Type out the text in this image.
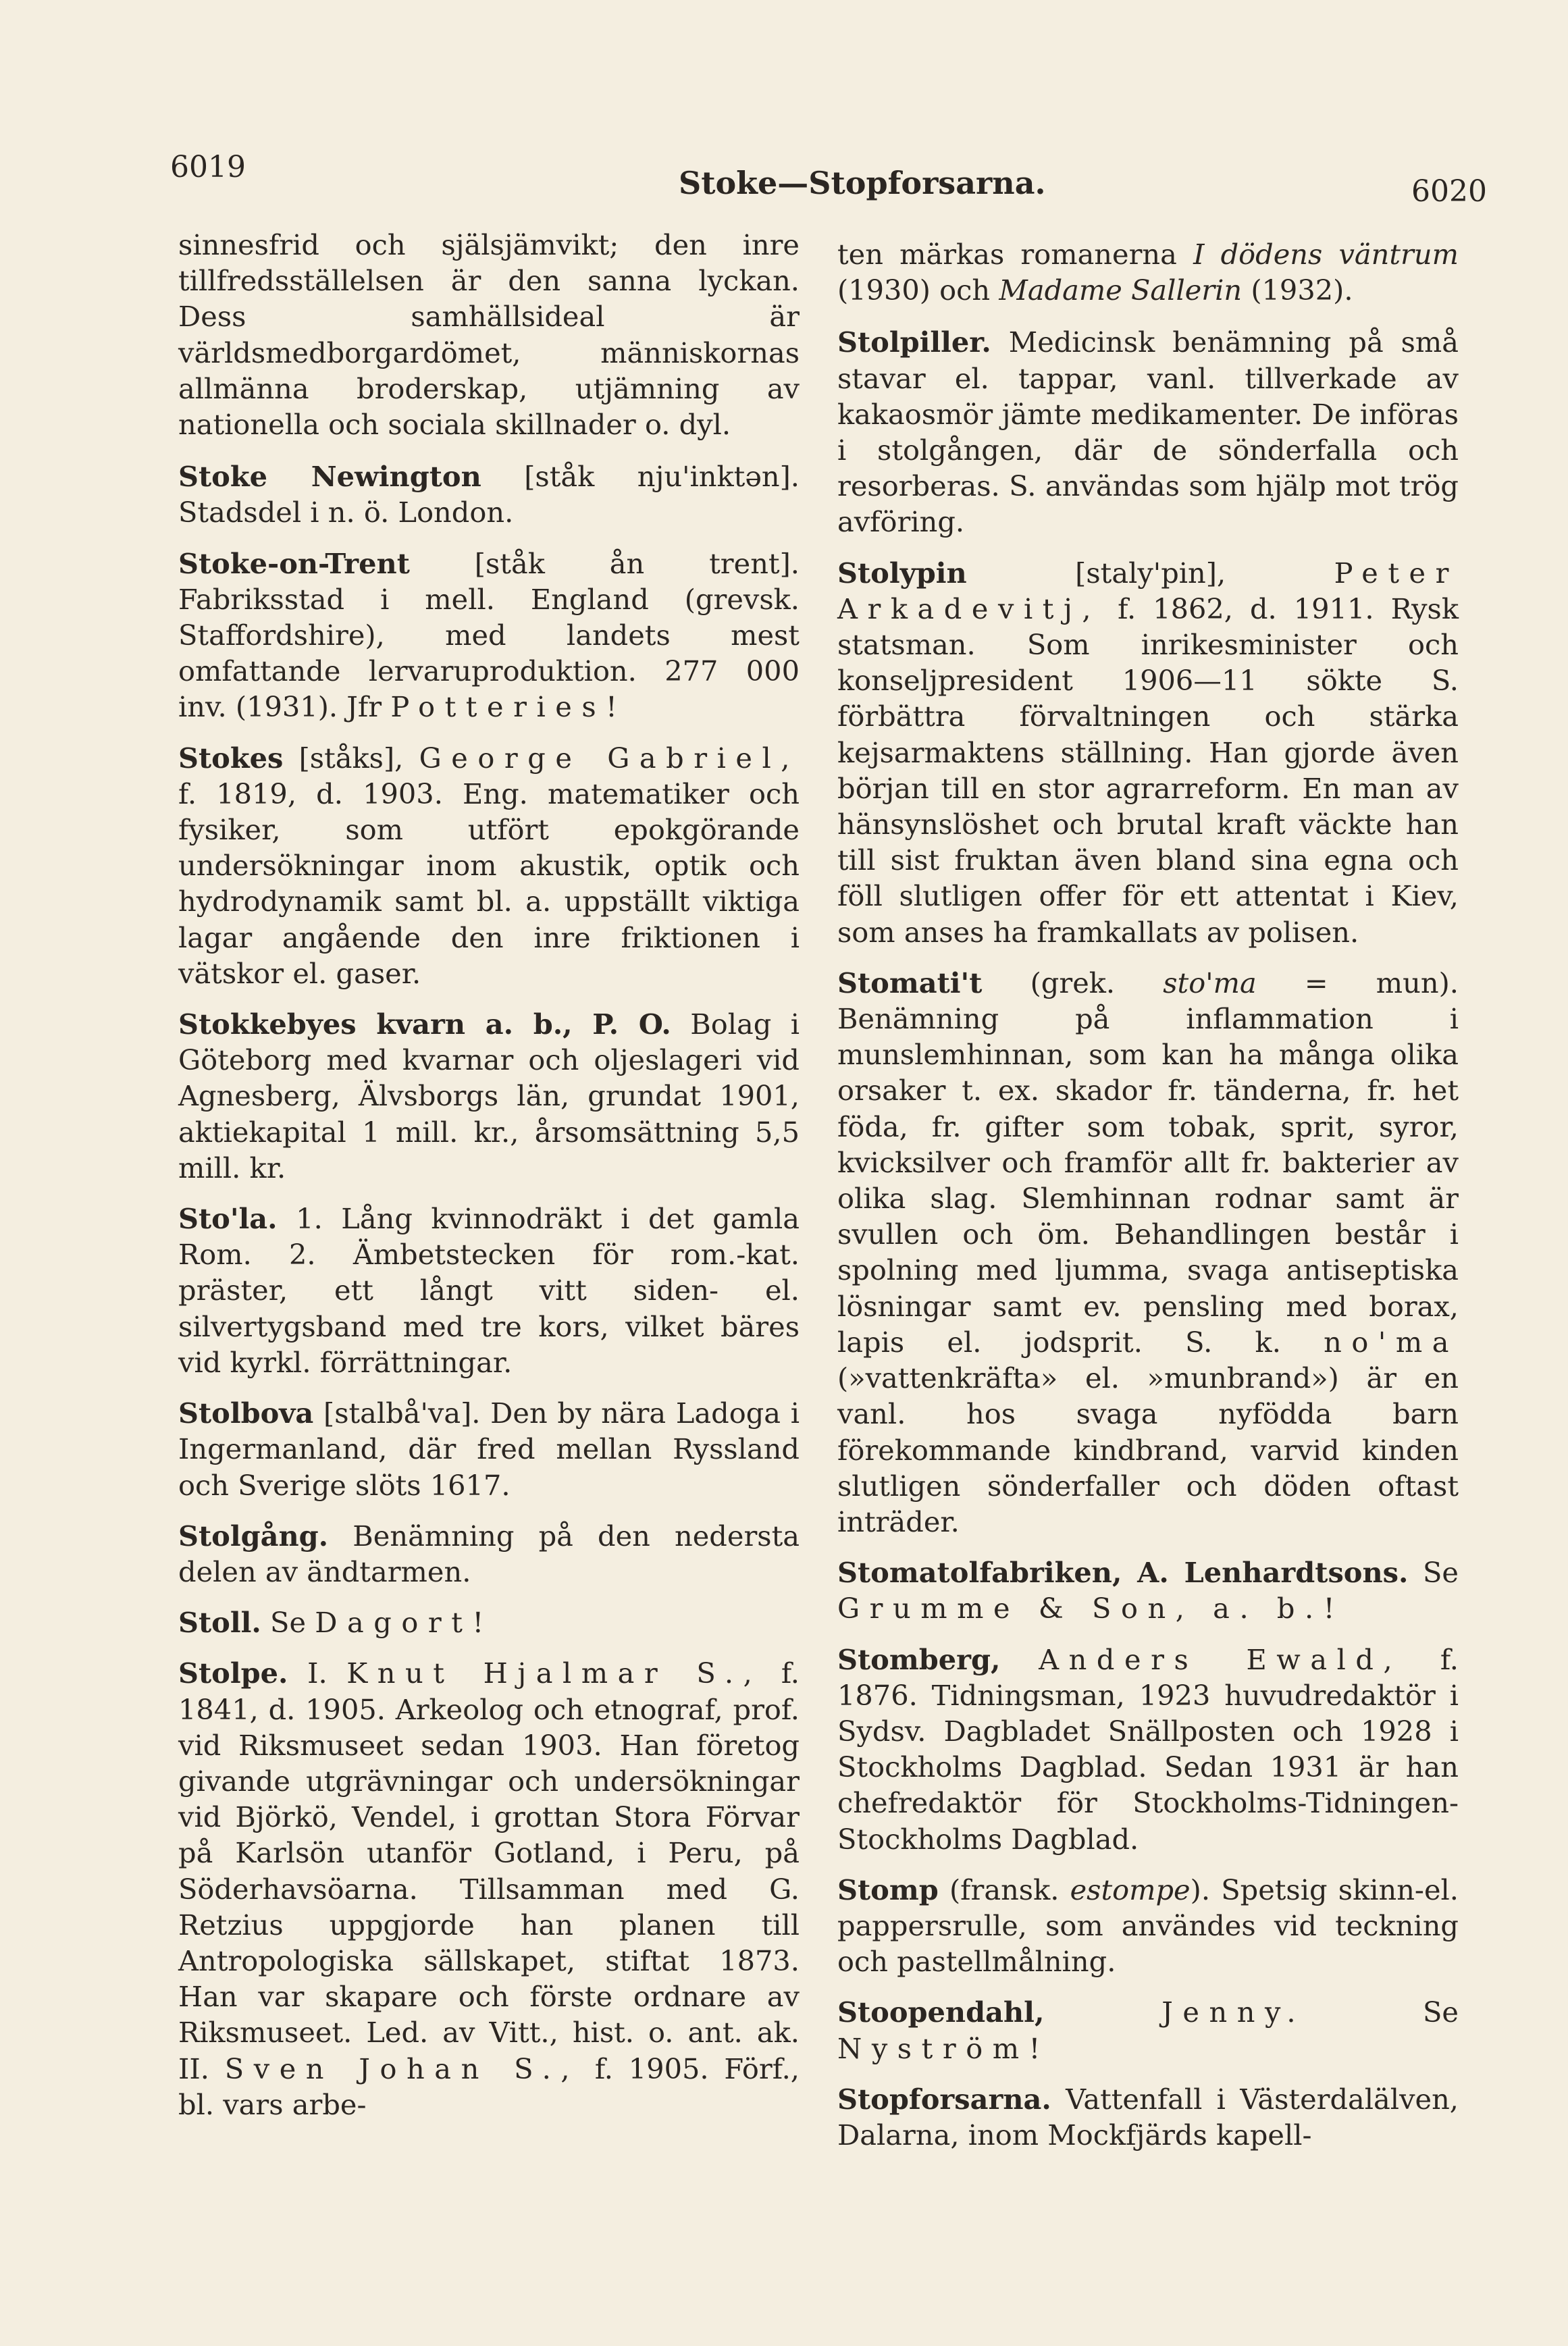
6019	Stoke—Stopforsarna.	6020

sinnesfrid och själsjämvikt; den inre tillfredsställelsen är den sanna lyckan. Dess samhällsideal är världsmedborgardömet, människornas allmänna broderskap, utjämning av nationella och sociala skillnader o. dyl.

Stoke Newington [ståk nju'inktən]. Stadsdel i n. ö. London.

Stoke-on-Trent [ståk ån trent]. Fabriksstad i mell. England (grevsk. Staffordshire), med landets mest omfattande lervaruproduktion. 277 000 inv. (1931). Jfr Potteries!

Stokes [ståks], George Gabriel, f. 1819, d. 1903. Eng. matematiker och fysiker, som utfört epokgörande undersökningar inom akustik, optik och hydrodynamik samt bl. a. uppställt viktiga lagar angående den inre friktionen i vätskor el. gaser.

Stokkebyes kvarn a. b., P. O. Bolag i Göteborg med kvarnar och oljeslageri vid Agnesberg, Älvsborgs län, grundat 1901, aktiekapital 1 mill. kr., årsomsättning 5,5 mill. kr.

Sto'la. 1. Lång kvinnodräkt i det gamla Rom. 2. Ämbetstecken för rom.-kat. präster, ett långt vitt siden- el. silvertygsband med tre kors, vilket bäres vid kyrkl. förrättningar.

Stolbova [stalbå'va]. Den by nära Ladoga i Ingermanland, där fred mellan Ryssland och Sverige slöts 1617.

Stolgång. Benämning på den nedersta delen av ändtarmen.

Stoll. Se Dagort!

Stolpe. I. Knut Hjalmar S., f. 1841, d. 1905. Arkeolog och etnograf, prof. vid Riksmuseet sedan 1903. Han företog givande utgrävningar och undersökningar vid Björkö, Vendel, i grottan Stora Förvar på Karlsön utanför Gotland, i Peru, på Söderhavsöarna. Tillsamman med G. Retzius uppgjorde han planen till Antropologiska sällskapet, stiftat 1873. Han var skapare och förste ordnare av Riksmuseet. Led. av Vitt., hist. o. ant. ak. II. Sven Johan S., f. 1905. Förf., bl. vars arbe-

ten märkas romanerna I dödens väntrum (1930) och Madame Sallerin (1932).

Stolpiller. Medicinsk benämning på små stavar el. tappar, vanl. tillverkade av kakaosmör jämte medikamenter. De införas i stolgången, där de sönderfalla och resorberas. S. användas som hjälp mot trög avföring.

Stolypin	[staly'pin],	Peter Arkadevitj, f. 1862, d. 1911. Rysk statsman. Som inrikesminister och konseljpresident 1906—11 sökte S. förbättra förvaltningen och stärka kejsarmaktens ställning. Han gjorde även början till en stor agrarreform. En man av hänsynslöshet och brutal kraft väckte han till sist fruktan även bland sina egna och föll slutligen offer för ett attentat i Kiev, som anses ha framkallats av polisen.

Stomati't (grek. sto'ma = mun). Benämning på inflammation i munslemhinnan, som kan ha många olika orsaker t. ex. skador fr. tänderna, fr. het föda, fr. gifter som tobak, sprit, syror, kvicksilver och framför allt fr. bakterier av olika slag. Slemhinnan rodnar samt är svullen och öm. Behandlingen består i spolning med ljumma, svaga antiseptiska lösningar samt ev. pensling med borax, lapis el. jodsprit. S. k. no'ma (»vattenkräfta» el. »munbrand») är en vanl. hos svaga nyfödda barn förekommande kindbrand, varvid kinden slutligen sönderfaller och döden oftast inträder.

Stomatolfabriken, A. Lenhardtsons. Se Grumme & Son, a. b.!

Stomberg, Anders Ewald, f. 1876. Tidningsman, 1923 huvudredaktör i Sydsv. Dagbladet Snällposten och 1928 i Stockholms Dagblad. Sedan 1931 är han chefredaktör för Stockholms-Tidningen-Stockholms Dagblad.

Stomp (fransk. estompe). Spetsig skinn-el. pappersrulle, som användes vid teckning och pastellmålning.

Stoopendahl,	Jenny.	Se Nyström!

Stopforsarna. Vattenfall i Västerdalälven, Dalarna, inom Mockfjärds kapell-
